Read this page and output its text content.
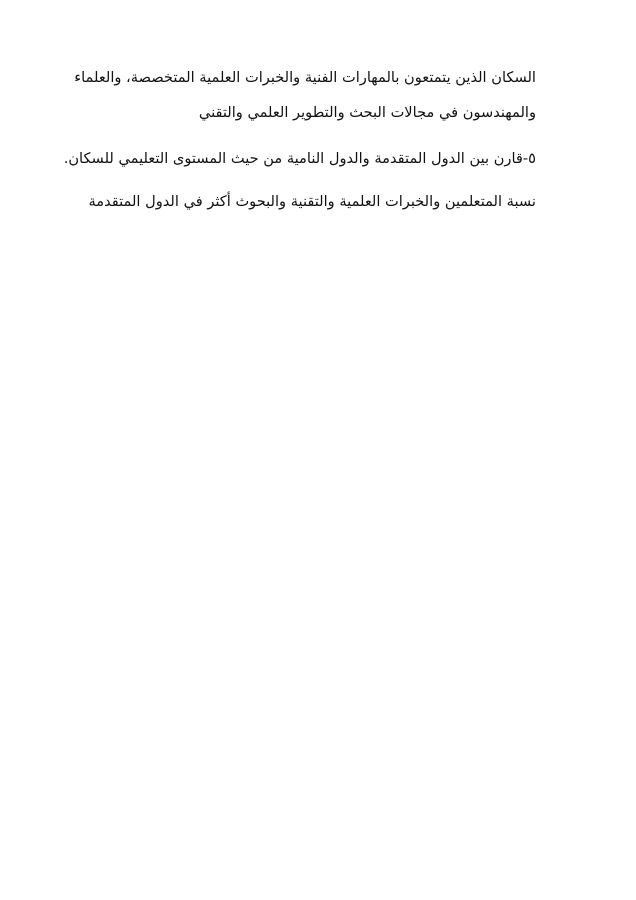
السكان الذين يتمتعون بالمهارات الفنية والخبرات العلمية المتخصصة، والعلماء
والمهندسون في مجالات البحث والتطوير العلمي والتقني
٥-قارن بين الدول المتقدمة والدول النامية من حيث المستوى التعليمي للسكان.
نسبة المتعلمين والخبرات العلمية والتقنية والبحوث أكثر في الدول المتقدمة
